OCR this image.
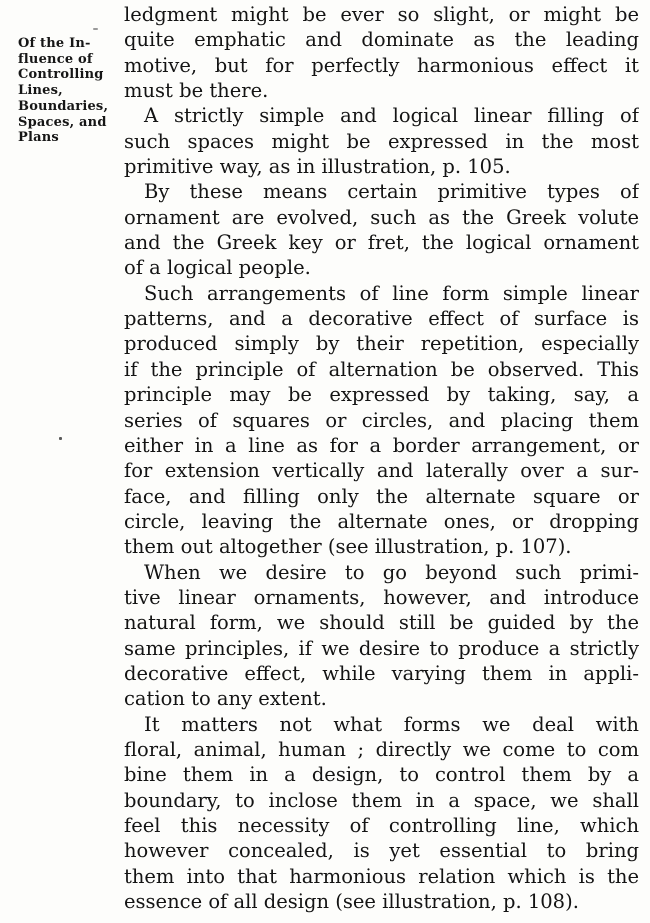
Of the In-
fluence of
Controlling
Lines,
Boundaries,
Spaces, and
Plans
ledgment might be ever so slight, or might be
quite emphatic and dominate as the leading
motive, but for perfectly harmonious effect it
must be there.
A strictly simple and logical linear filling of
such spaces might be expressed in the most
primitive way, as in illustration, p. 105.
By these means certain primitive types of
ornament are evolved, such as the Greek volute
and the Greek key or fret, the logical ornament
of a logical people.
Such arrangements of line form simple linear
patterns, and a decorative effect of surface is
produced simply by their repetition, especially
if the principle of alternation be observed. This
principle may be expressed by taking, say, a
series of squares or circles, and placing them
either in a line as for a border arrangement, or
for extension vertically and laterally over a sur-
face, and filling only the alternate square or
circle, leaving the alternate ones, or dropping
them out altogether (see illustration, p. 107).
When we desire to go beyond such primi-
tive linear ornaments, however, and introduce
natural form, we should still be guided by the
same principles, if we desire to produce a strictly
decorative effect, while varying them in appli-
cation to any extent.
It matters not what forms we deal with
floral, animal, human ; directly we come to com
bine them in a design, to control them by a
boundary, to inclose them in a space, we shall
feel this necessity of controlling line, which
however concealed, is yet essential to bring
them into that harmonious relation which is the
essence of all design (see illustration, p. 108).
